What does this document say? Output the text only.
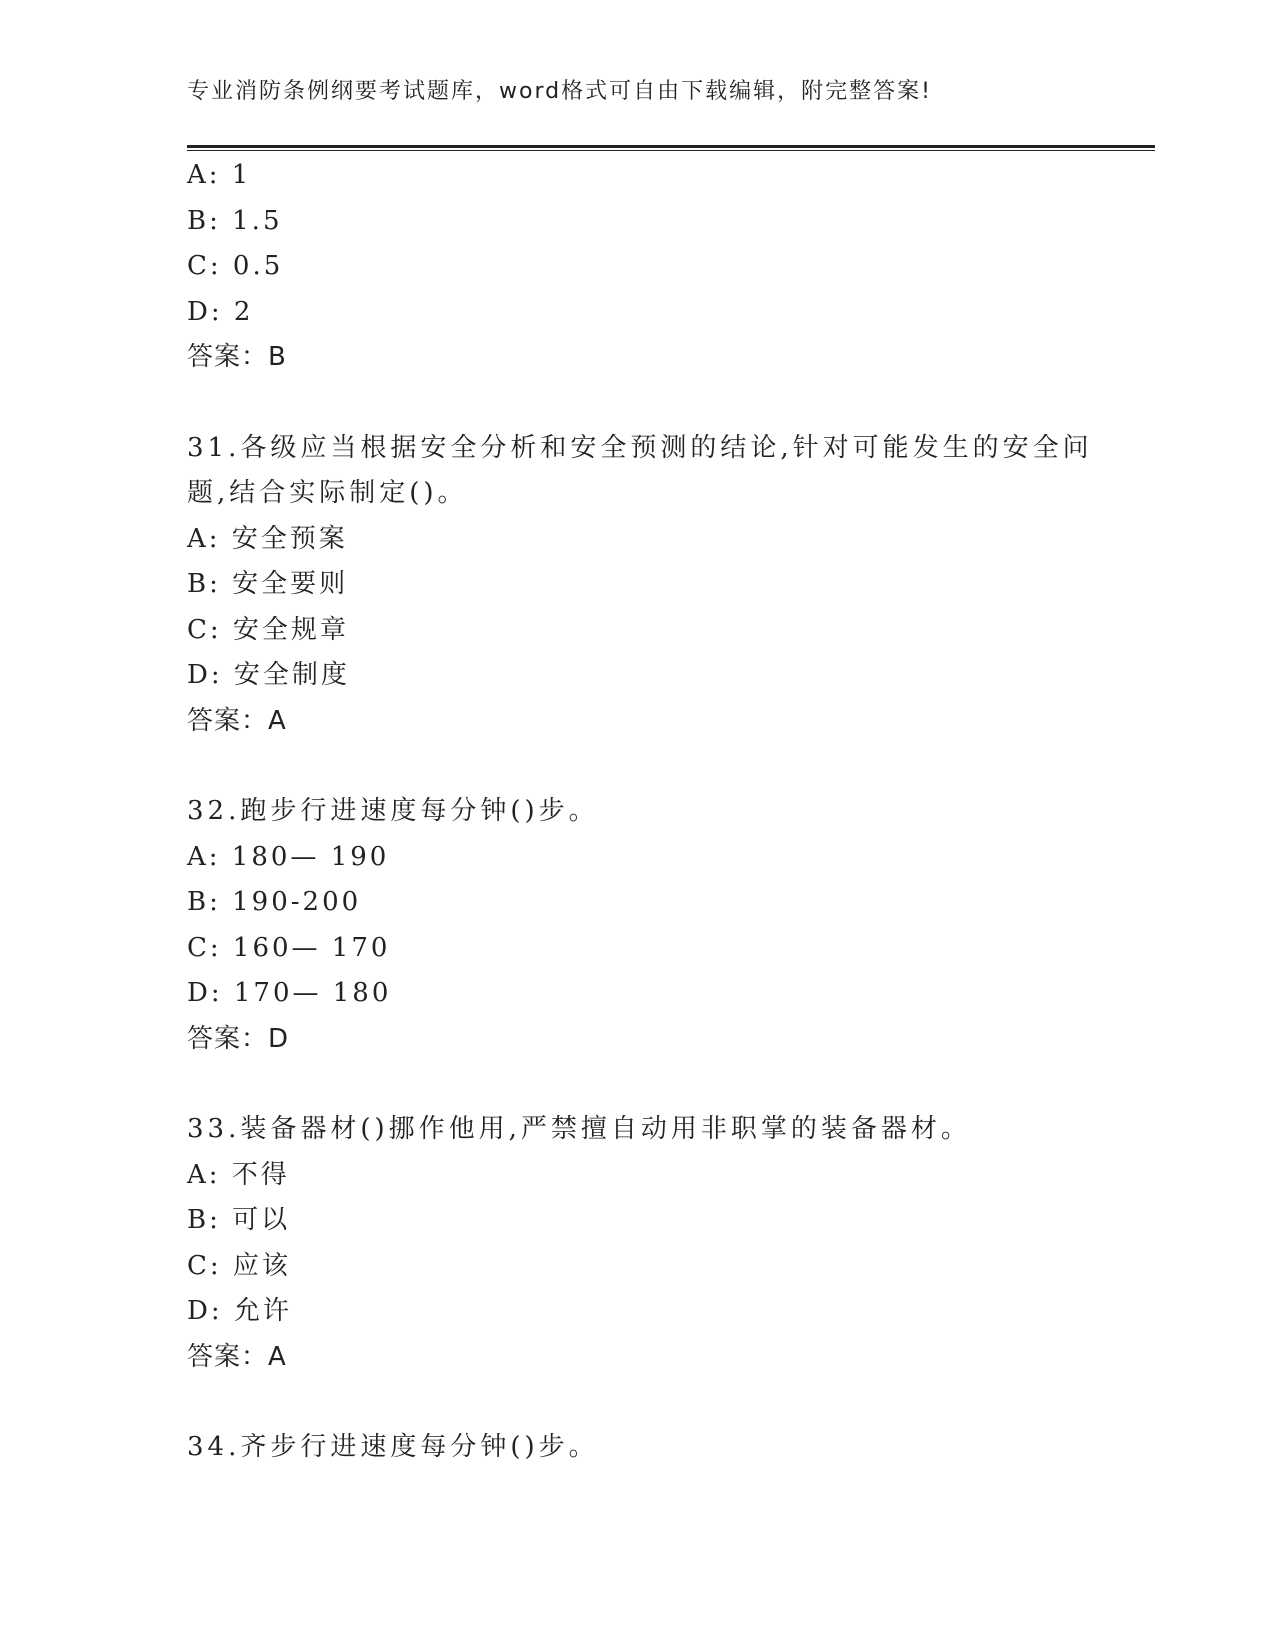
专业消防条例纲要考试题库，word格式可自由下载编辑，附完整答案!
A: 1
B: 1.5
C: 0.5
D: 2
答案：B
31.各级应当根据安全分析和安全预测的结论,针对可能发生的安全问
题,结合实际制定()。
A: 安全预案
B: 安全要则
C: 安全规章
D: 安全制度
答案：A
32.跑步行进速度每分钟()步。
A: 180— 190
B: 190-200
C: 160— 170
D: 170— 180
答案：D
33.装备器材()挪作他用,严禁擅自动用非职掌的装备器材。
A: 不得
B: 可以
C: 应该
D: 允许
答案：A
34.齐步行进速度每分钟()步。
